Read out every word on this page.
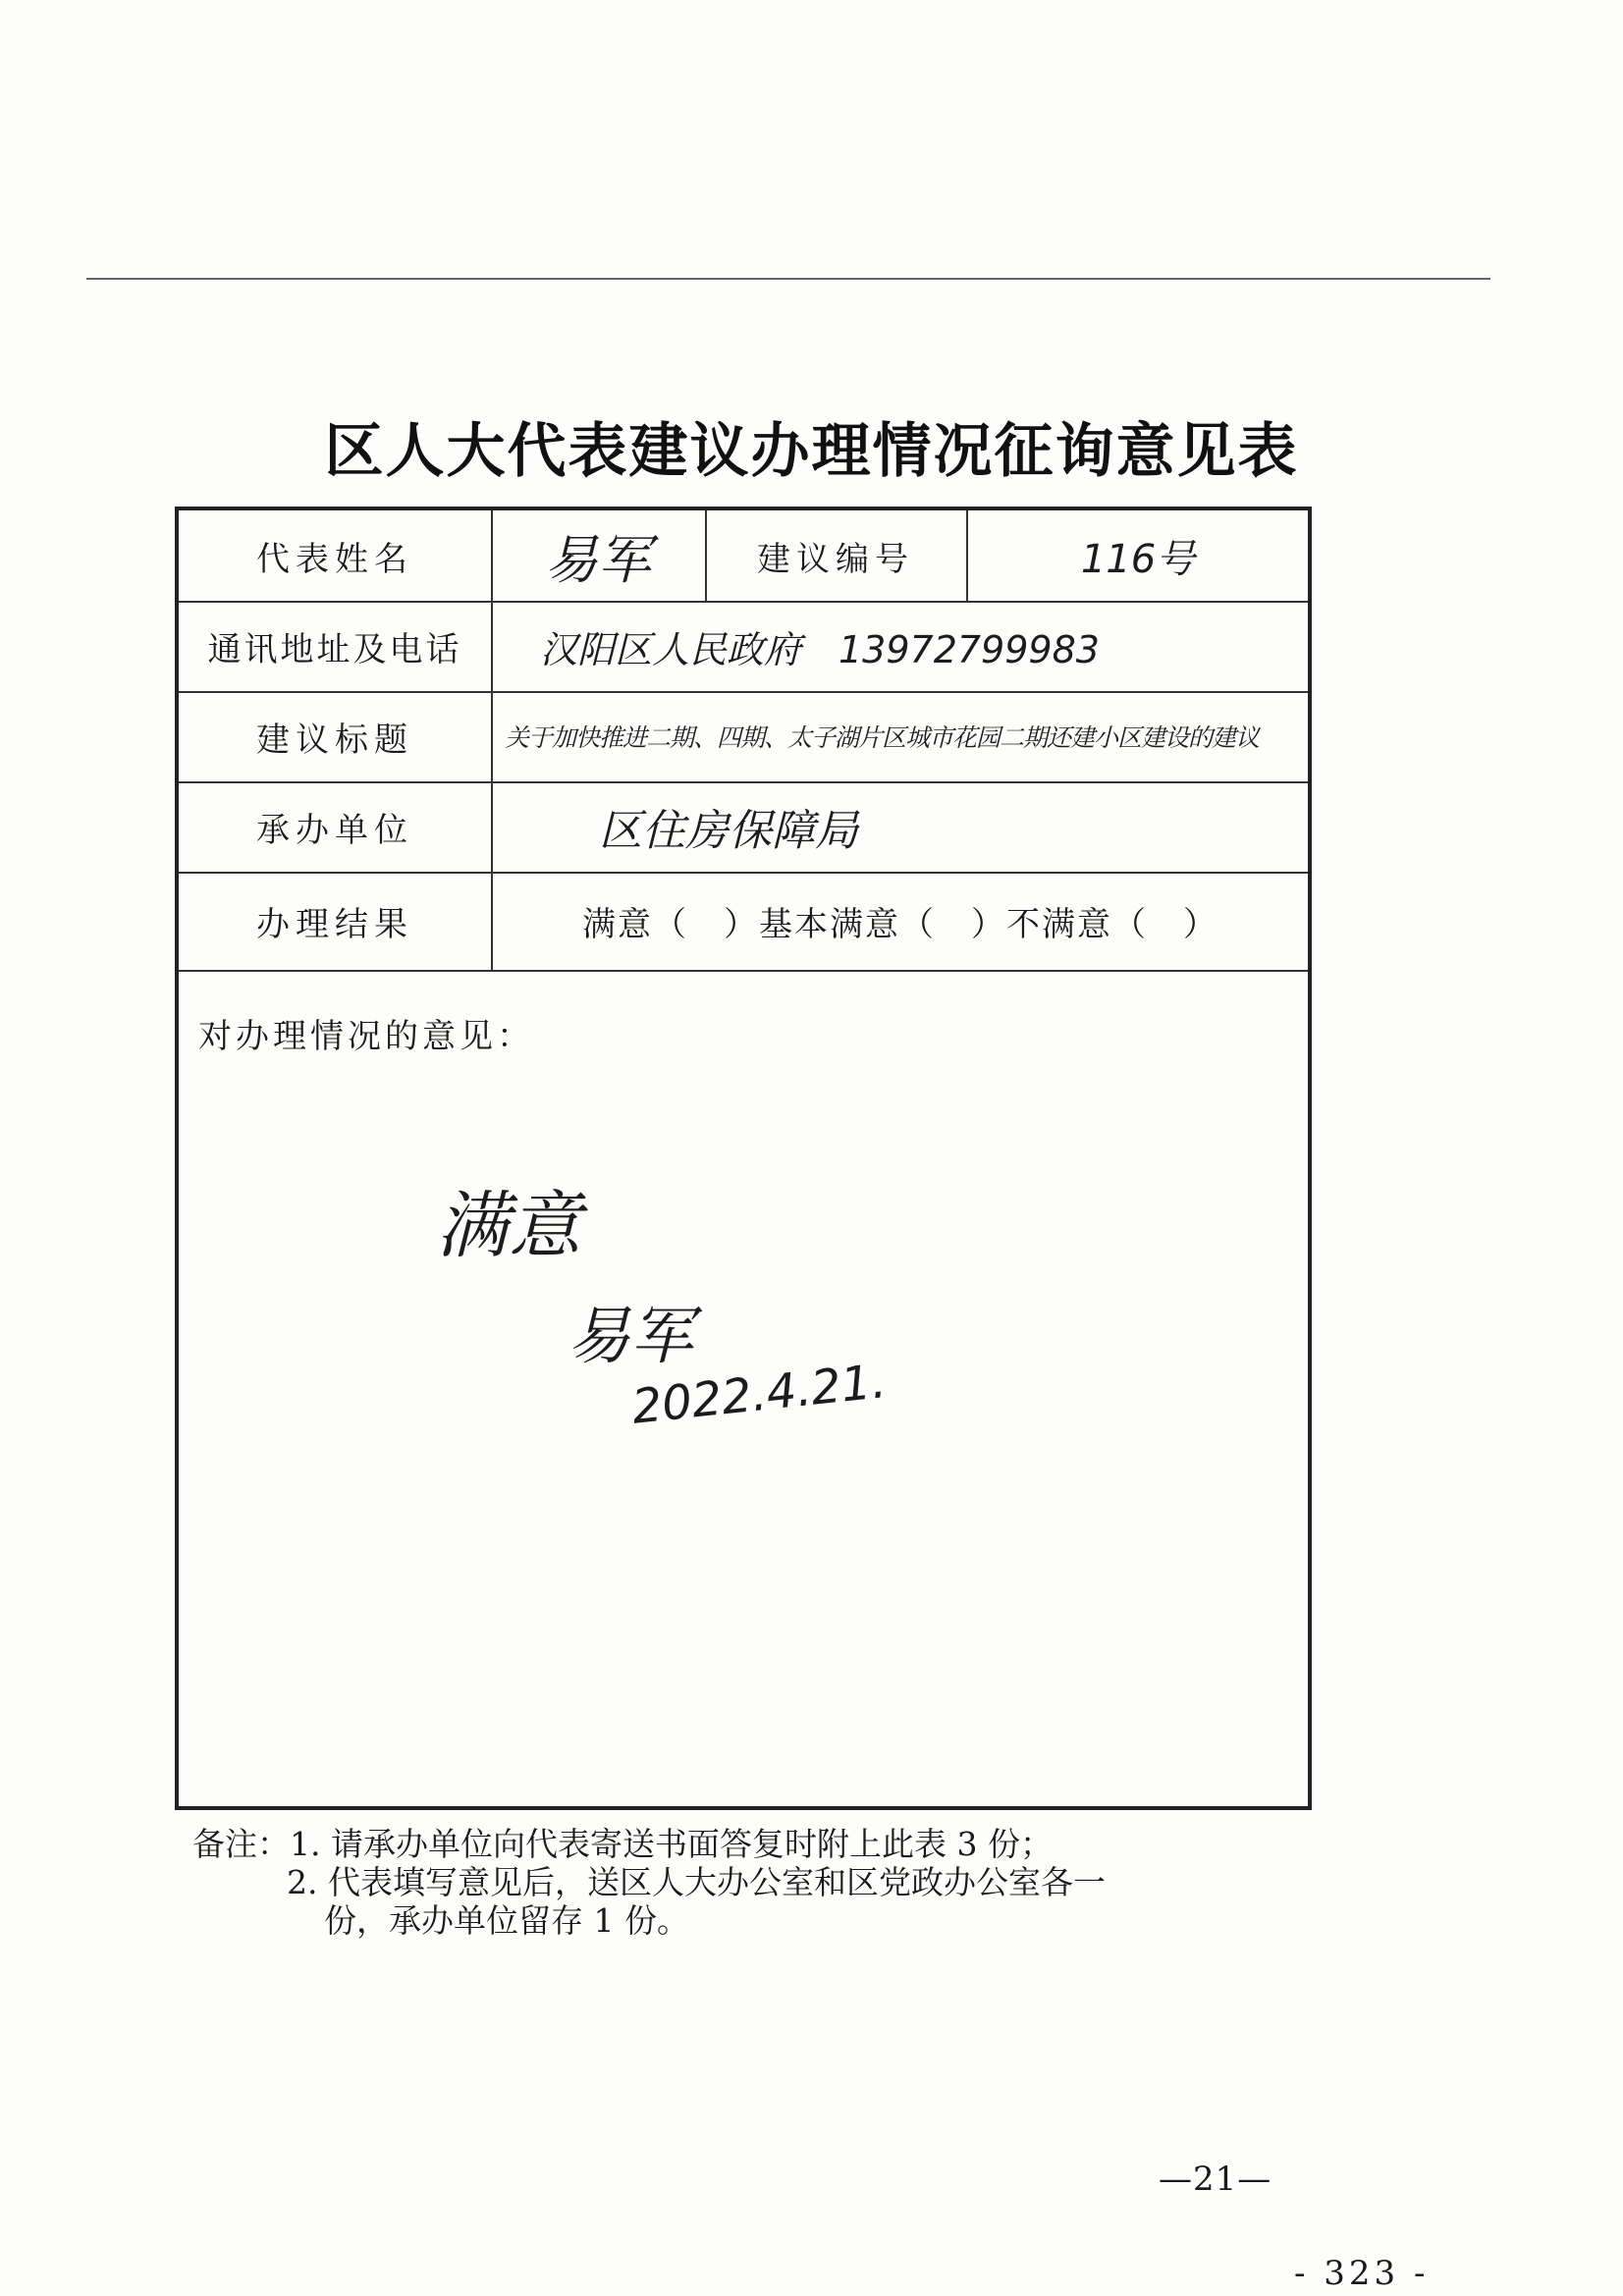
区人大代表建议办理情况征询意见表
代表姓名	易军	建议编号	116号
通讯地址及电话	汉阳区人民政府　13972799983
建议标题	关于加快推进二期、四期、太子湖片区城市花园二期还建小区建设的建议
承办单位	区住房保障局
办理结果	满意（　）基本满意（　）不满意（　）
对办理情况的意见：
满意
易军
2022.4.21.
备注：1. 请承办单位向代表寄送书面答复时附上此表 3 份；
2. 代表填写意见后，送区人大办公室和区党政办公室各一
份，承办单位留存 1 份。
—21—
- 323 -
